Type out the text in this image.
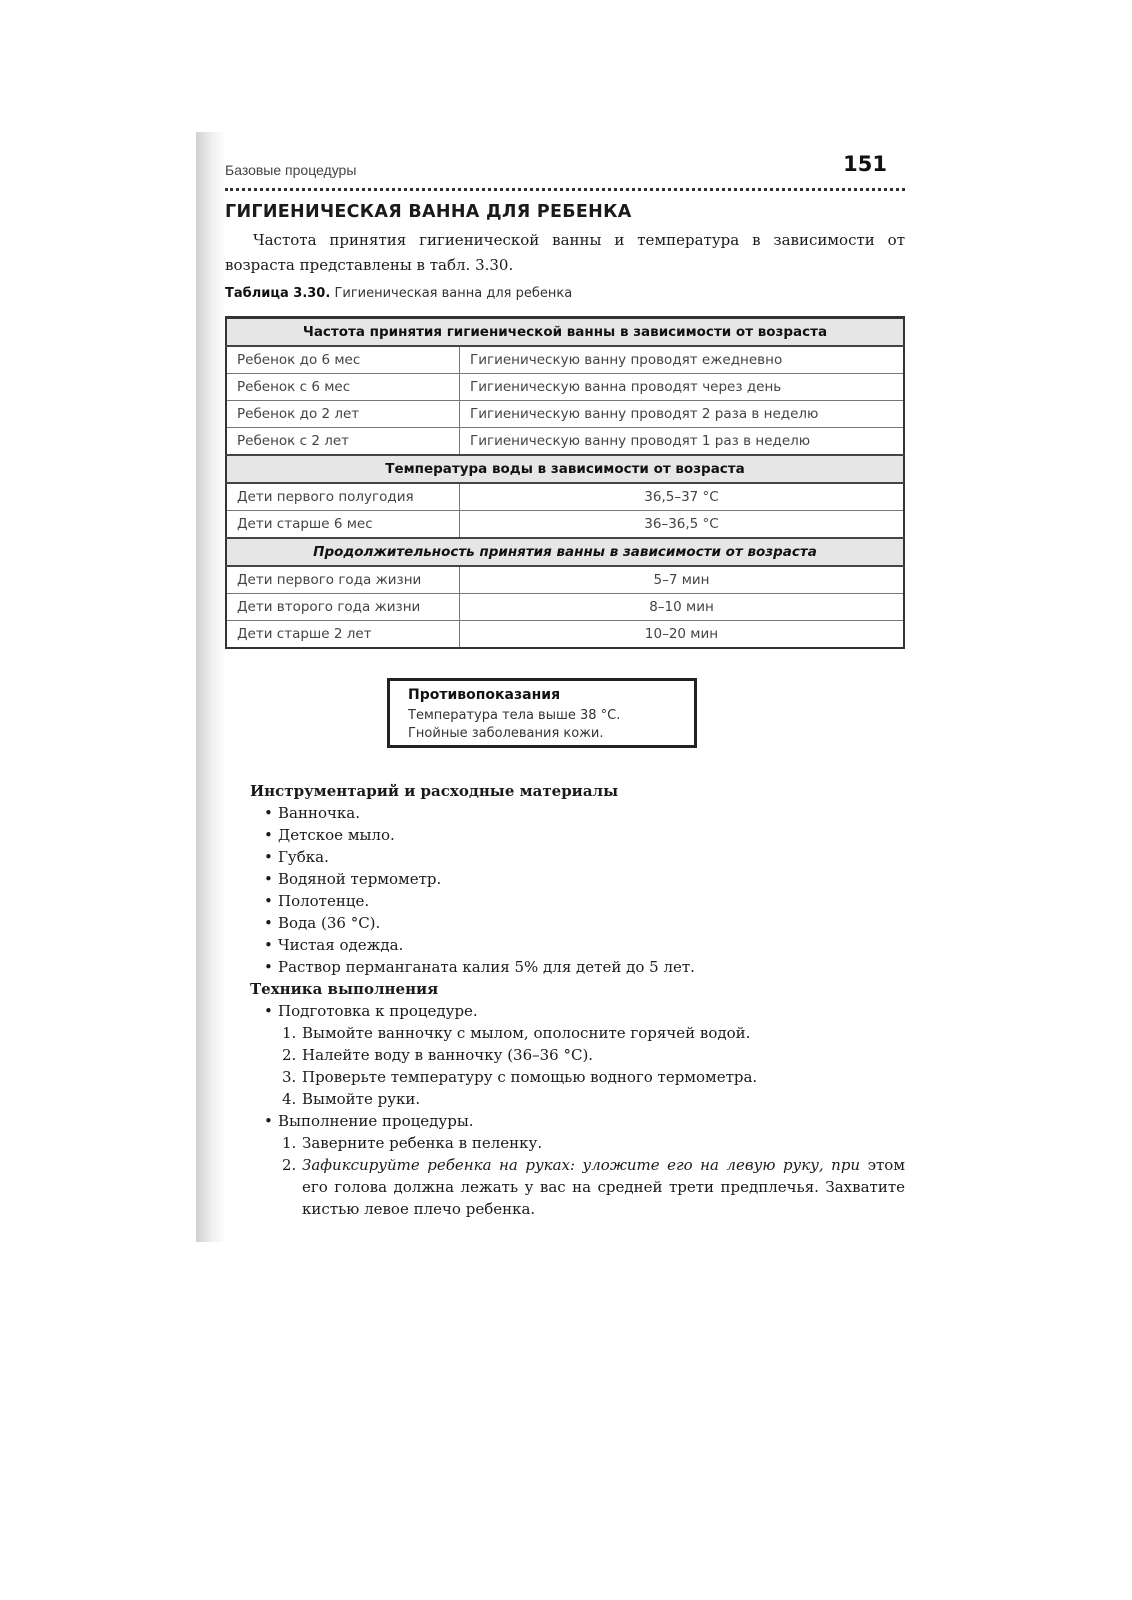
Базовые процедуры	151
ГИГИЕНИЧЕСКАЯ ВАННА ДЛЯ РЕБЕНКА

Частота принятия гигиенической ванны и температура в зависимости от возраста представлены в табл. 3.30.

Таблица 3.30. Гигиеническая ванна для ребенка
Частота принятия гигиенической ванны в зависимости от возраста	
Ребенок до 6 мес	Гигиеническую ванну проводят ежедневно
Ребенок с 6 мес	Гигиеническую ванна проводят через день
Ребенок до 2 лет	Гигиеническую ванну проводят 2 раза в неделю
Ребенок с 2 лет	Гигиеническую ванну проводят 1 раз в неделю
Температура воды в зависимости от возраста	
Дети первого полугодия	36,5–37 °С
Дети старше 6 мес	36–36,5 °С
Продолжительность принятия ванны в зависимости от возраста	
Дети первого года жизни	5–7 мин
Дети второго года жизни	8–10 мин
Дети старше 2 лет	10–20 мин

Противопоказания

Температура тела выше 38 °С.

Гнойные заболевания кожи.

Инструментарий и расходные материалы

• Ванночка.
• Детское мыло.
• Губка.
• Водяной термометр.
• Полотенце.
• Вода (36 °С).
• Чистая одежда.
• Раствор перманганата калия 5% для детей до 5 лет.

Техника выполнения

• Подготовка к процедуре.
1. Вымойте ванночку с мылом, ополосните горячей водой.
2. Налейте воду в ванночку (36–36 °С).
3. Проверьте температуру с помощью водного термометра.
4. Вымойте руки.
• Выполнение процедуры.
1. Заверните ребенка в пеленку.
2. Зафиксируйте ребенка на руках: уложите его на левую руку, при этом его голова должна лежать у вас на средней трети предплечья. Захватите кистью левое плечо ребенка.
